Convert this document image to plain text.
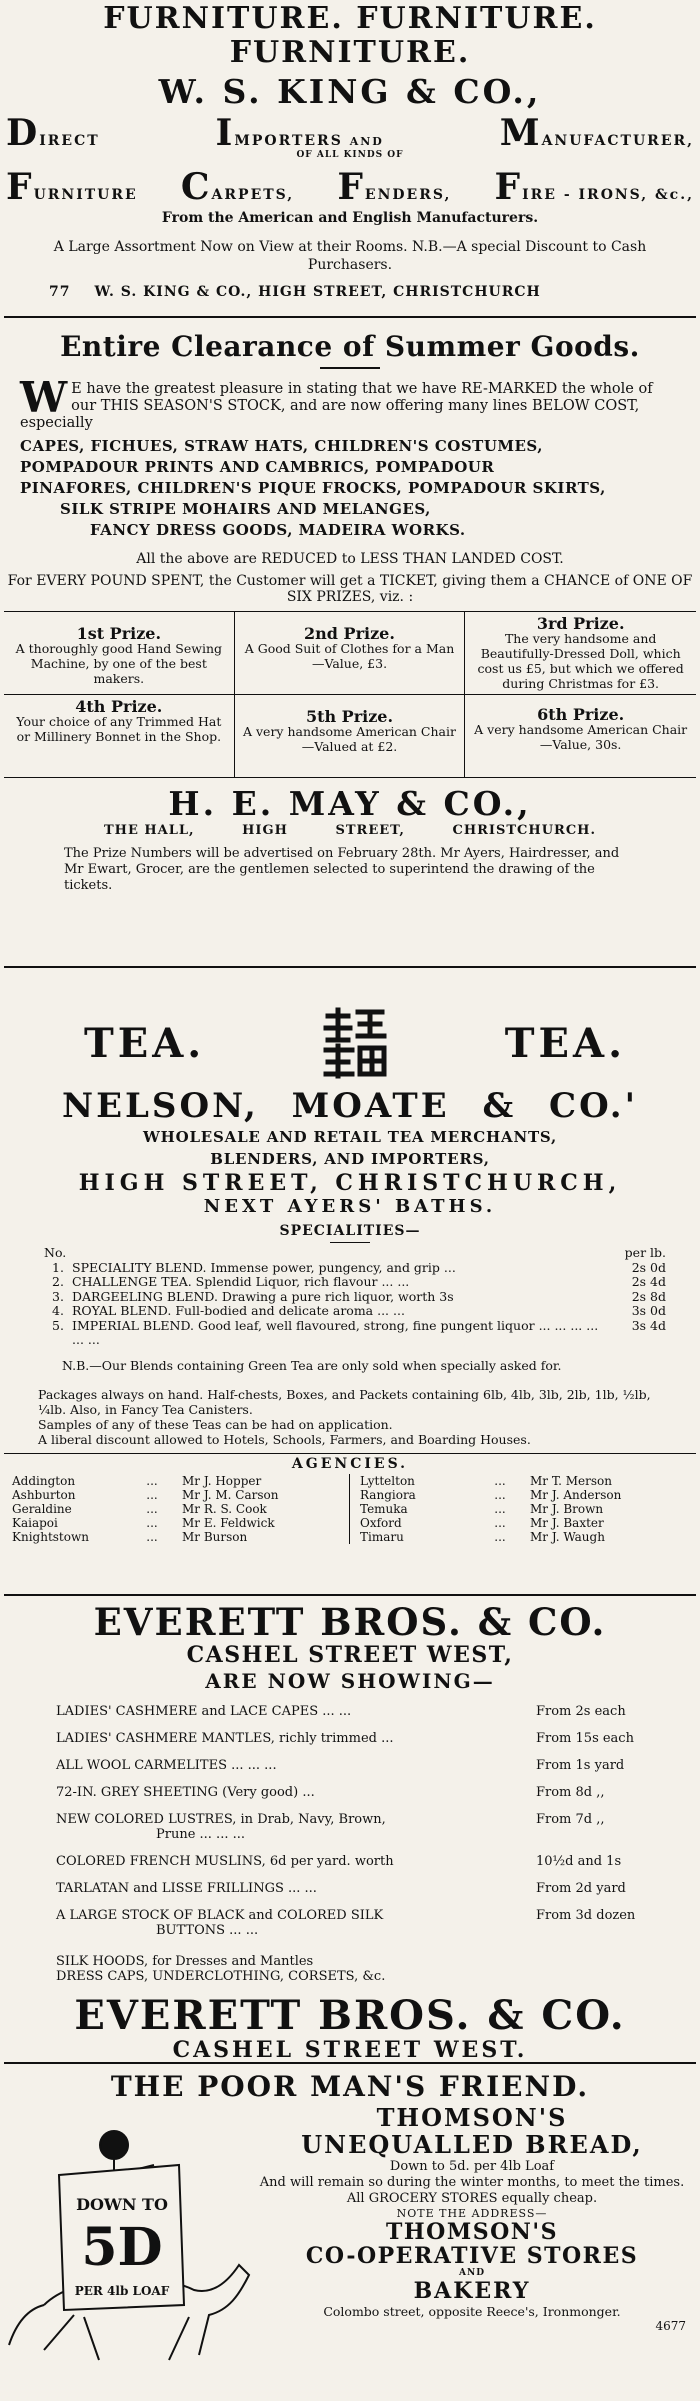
FURNITURE. FURNITURE. FURNITURE.
W. S. KING & CO.,
DIRECT	IMPORTERS AND	MANUFACTURER,
OF ALL KINDS OF
FURNITURE CARPETS, FENDERS, FIRE - IRONS, &c.,
From the American and English Manufacturers.
A Large Assortment Now on View at their Rooms. N.B.—A special Discount to Cash Purchasers.
77 W. S. KING & CO., HIGH STREET, CHRISTCHURCH
Entire Clearance of Summer Goods.
W E have the greatest pleasure in stating that we have RE-MARKED the whole of our THIS SEASON'S STOCK, and are now offering many lines BELOW COST, especially
CAPES, FICHUES, STRAW HATS, CHILDREN'S COSTUMES,
POMPADOUR PRINTS AND CAMBRICS, POMPADOUR
PINAFORES, CHILDREN'S PIQUE FROCKS, POMPADOUR SKIRTS,
SILK STRIPE MOHAIRS AND MELANGES,
FANCY DRESS GOODS, MADEIRA WORKS.
All the above are REDUCED to LESS THAN LANDED COST.
For EVERY POUND SPENT, the Customer will get a TICKET, giving them a CHANCE of ONE OF SIX PRIZES, viz. :
1st Prize.
A thoroughly good Hand Sewing Machine, by one of the best makers.
2nd Prize.
A Good Suit of Clothes for a Man—Value, £3.
3rd Prize.
The very handsome and Beautifully-Dressed Doll, which cost us £5, but which we offered during Christmas for £3.
4th Prize.
Your choice of any Trimmed Hat or Millinery Bonnet in the Shop.
5th Prize.
A very handsome American Chair—Valued at £2.
6th Prize.
A very handsome American Chair—Value, 30s.
H. E. MAY & CO.,
THE HALL,	HIGH	STREET,	CHRISTCHURCH.
The Prize Numbers will be advertised on February 28th. Mr Ayers, Hairdresser, and Mr Ewart, Grocer, are the gentlemen selected to superintend the drawing of the tickets.
TEA.	TEA.
NELSON, MOATE & CO.'
WHOLESALE AND RETAIL TEA MERCHANTS,
BLENDERS, AND IMPORTERS,
HIGH STREET, CHRISTCHURCH,
NEXT AYERS' BATHS.
SPECIALITIES—
No.	per lb.
1. SPECIALITY BLEND. Immense power, pungency, and grip ...	2s 0d
2. CHALLENGE TEA. Splendid Liquor, rich flavour ... ...	2s 4d
3. DARGEELING BLEND. Drawing a pure rich liquor, worth 3s	2s 8d
4. ROYAL BLEND. Full-bodied and delicate aroma ... ...	3s 0d
5. IMPERIAL BLEND. Good leaf, well flavoured, strong, fine pungent liquor ... ... ... ... ... ...
3s 4d
N.B.—Our Blends containing Green Tea are only sold when specially asked for.
Packages always on hand. Half-chests, Boxes, and Packets containing 6lb, 4lb, 3lb, 2lb, 1lb, ½lb, ¼lb. Also, in Fancy Tea Canisters.
Samples of any of these Teas can be had on application.
A liberal discount allowed to Hotels, Schools, Farmers, and Boarding Houses.
AGENCIES.
Addington	...	Mr J. Hopper
Ashburton	...	Mr J. M. Carson
Geraldine	...	Mr R. S. Cook
Kaiapoi	...	Mr E. Feldwick
Knightstown	...	Mr Burson
Lyttelton	...	Mr T. Merson
Rangiora	...	Mr J. Anderson
Temuka	...	Mr J. Brown
Oxford	...	Mr J. Baxter
Timaru	...	Mr J. Waugh
EVERETT BROS. & CO.
CASHEL STREET WEST,
ARE NOW SHOWING—
LADIES' CASHMERE and LACE CAPES ... ...	From 2s each
LADIES' CASHMERE MANTLES, richly trimmed ...	From 15s each
ALL WOOL CARMELITES ... ... ...	From 1s yard
72-IN. GREY SHEETING (Very good) ...	From 8d ,,
NEW COLORED LUSTRES, in Drab, Navy, Brown,
Prune ... ... ...
From 7d ,,
COLORED FRENCH MUSLINS, 6d per yard. worth	10½d and 1s
TARLATAN and LISSE FRILLINGS ... ...	From 2d yard
A LARGE STOCK OF BLACK and COLORED SILK
BUTTONS ... ...
From 3d dozen
SILK HOODS, for Dresses and Mantles
DRESS CAPS, UNDERCLOTHING, CORSETS, &c.
EVERETT BROS. & CO.
CASHEL STREET WEST.
THE POOR MAN'S FRIEND.
DOWN TO
5D
PER 4lb LOAF
THOMSON'S
UNEQUALLED BREAD,
Down to 5d. per 4lb Loaf
And will remain so during the winter months, to meet the times.
All GROCERY STORES equally cheap.
NOTE THE ADDRESS—
THOMSON'S
CO-OPERATIVE STORES
AND
BAKERY
Colombo street, opposite Reece's, Ironmonger.
4677
